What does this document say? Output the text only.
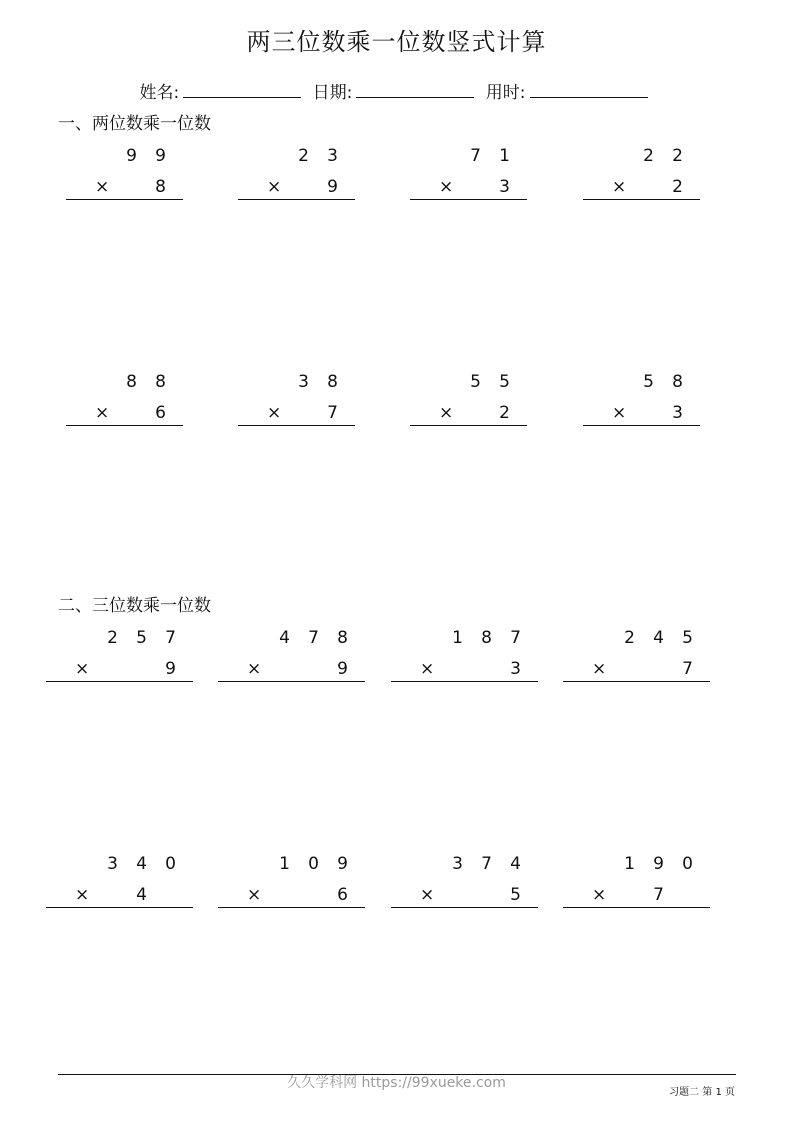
两三位数乘一位数竖式计算
姓名:	日期:	用时:
一、两位数乘一位数
二、三位数乘一位数
9 9
×	8
2 3
×	9
7 1
×	3
2 2
×	2
8 8
×	6
3 8
×	7
5 5
×	2
5 8
×	3
2 5 7
×	9
4 7 8
×	9
1 8 7
×	3
2 4 5
×	7
3 4 0
×	4
1 0 9
×	6
3 7 4
×	5
1 9 0
×	7
久久学科网 https://99xueke.com
习题二 第 1 页
